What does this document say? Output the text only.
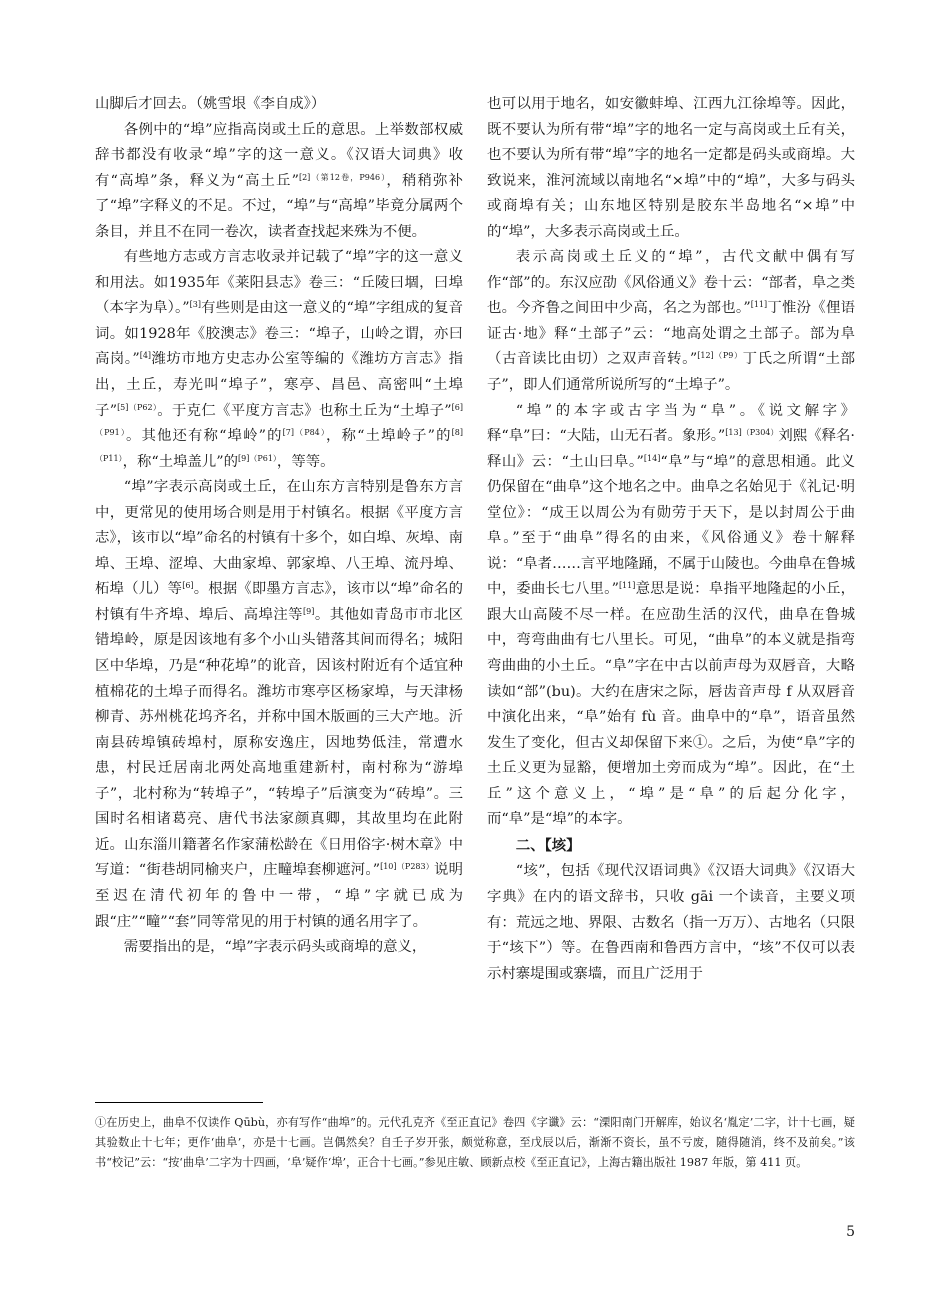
山脚后才回去。（姚雪垠《李自成》）

各例中的“埠”应指高岗或土丘的意思。上举数部权威辞书都没有收录“埠”字的这一意义。《汉语大词典》收有“高埠”条，释义为“高土丘”$^{[2](第12卷,P946)}$，稍稍弥补了“埠”字释义的不足。不过，“埠”与“高埠”毕竟分属两个条目，并且不在同一卷次，读者查找起来殊为不便。

有些地方志或方言志收录并记载了“埠”字的这一意义和用法。如1935年《莱阳县志》卷三：“丘陵曰堌，曰埠（本字为阜）。”[3]有些则是由这一意义的“埠”字组成的复音词。如1928年《胶澳志》卷三：“埠子，山岭之谓，亦曰高岗。”[4]潍坊市地方史志办公室等编的《潍坊方言志》指出，土丘，寿光叫“埠子”，寒亭、昌邑、高密叫“土埠子”$^{[5](P62)}$。于克仁《平度方言志》也称土丘为“土埠子”$^{[6](P91)}$。其他还有称“埠岭”的$^{[7](P84)}$，称“土埠岭子”的$^{[8](P11)}$，称“土埠盖儿”的$^{[9](P61)}$，等等。

“埠”字表示高岗或土丘，在山东方言特别是鲁东方言中，更常见的使用场合则是用于村镇名。根据《平度方言志》，该市以“埠”命名的村镇有十多个，如白埠、灰埠、南埠、王埠、涩埠、大曲家埠、郭家埠、八王埠、流丹埠、柘埠（儿）等[6]。根据《即墨方言志》，该市以“埠”命名的村镇有牛齐埠、埠后、高埠注等[9]。其他如青岛市市北区错埠岭，原是因该地有多个小山头错落其间而得名；城阳区中华埠，乃是“种花埠”的讹音，因该村附近有个适宜种植棉花的土埠子而得名。潍坊市寒亭区杨家埠，与天津杨柳青、苏州桃花坞齐名，并称中国木版画的三大产地。沂南县砖埠镇砖埠村，原称安逸庄，因地势低洼，常遭水患，村民迁居南北两处高地重建新村，南村称为“游埠子”，北村称为“转埠子”，“转埠子”后演变为“砖埠”。三国时名相诸葛亮、唐代书法家颜真卿，其故里均在此附近。山东淄川籍著名作家蒲松龄在《日用俗字·树木章》中写道：“街巷胡同榆夹户，庄疃埠套柳遮河。”$^{[10](P283)}$说明至迟在清代初年的鲁中一带，“埠”字就已成为跟“庄”“疃”“套”同等常见的用于村镇的通名用字了。

需要指出的是，“埠”字表示码头或商埠的意义，

也可以用于地名，如安徽蚌埠、江西九江徐埠等。因此，既不要认为所有带“埠”字的地名一定与高岗或土丘有关，也不要认为所有带“埠”字的地名一定都是码头或商埠。大致说来，淮河流域以南地名“×埠”中的“埠”，大多与码头或商埠有关；山东地区特别是胶东半岛地名“×埠”中的“埠”，大多表示高岗或土丘。

表示高岗或土丘义的“埠”，古代文献中偶有写作“部”的。东汉应劭《风俗通义》卷十云：“部者，阜之类也。今齐鲁之间田中少高，名之为部也。”[11]丁惟汾《俚语证古·地》释“土部子”云：“地高处谓之土部子。部为阜（古音读比由切）之双声音转。”$^{[12](P9)}$丁氏之所谓“土部子”，即人们通常所说所写的“土埠子”。

“埠”的本字或古字当为“阜”。《说文解字》释“阜”曰：“大陆，山无石者。象形。”$^{[13](P304)}$刘熙《释名·释山》云：“土山曰阜。”[14]“阜”与“埠”的意思相通。此义仍保留在“曲阜”这个地名之中。曲阜之名始见于《礼记·明堂位》：“成王以周公为有勋劳于天下，是以封周公于曲阜。”至于“曲阜”得名的由来，《风俗通义》卷十解释说：“阜者……言平地隆踊，不属于山陵也。今曲阜在鲁城中，委曲长七八里。”[11]意思是说：阜指平地隆起的小丘，跟大山高陵不尽一样。在应劭生活的汉代，曲阜在鲁城中，弯弯曲曲有七八里长。可见，“曲阜”的本义就是指弯弯曲曲的小土丘。“阜”字在中古以前声母为双唇音，大略读如“部”(bu)。大约在唐宋之际，唇齿音声母 f 从双唇音中演化出来，“阜”始有 fù 音。曲阜中的“阜”，语音虽然发生了变化，但古义却保留下来①。之后，为使“阜”字的土丘义更为显豁，便增加土旁而成为“埠”。因此，在“土丘”这个意义上，“埠”是“阜”的后起分化字，而“阜”是“埠”的本字。

二、【垓】

“垓”，包括《现代汉语词典》《汉语大词典》《汉语大字典》在内的语文辞书，只收 gāi 一个读音，主要义项有：荒远之地、界限、古数名（指一万万）、古地名（只限于“垓下”）等。在鲁西南和鲁西方言中，“垓”不仅可以表示村寨堤围或寨墙，而且广泛用于

①在历史上，曲阜不仅读作 Qūbù，亦有写作“曲埠”的。元代孔克齐《至正直记》卷四《字谶》云：“溧阳南门开解库，始议名‘胤定’二字，计十七画，疑其验数止十七年；更作‘曲阜’，亦是十七画。岂偶然矣？自壬子岁开张，颇觉称意，至戊辰以后，渐渐不资长，虽不亏废，随得随消，终不及前矣。”该书“校记”云：“按‘曲阜’二字为十四画，‘阜’疑作‘埠’，正合十七画。”参见庄敏、顾新点校《至正直记》，上海古籍出版社 1987 年版，第 411 页。

5
